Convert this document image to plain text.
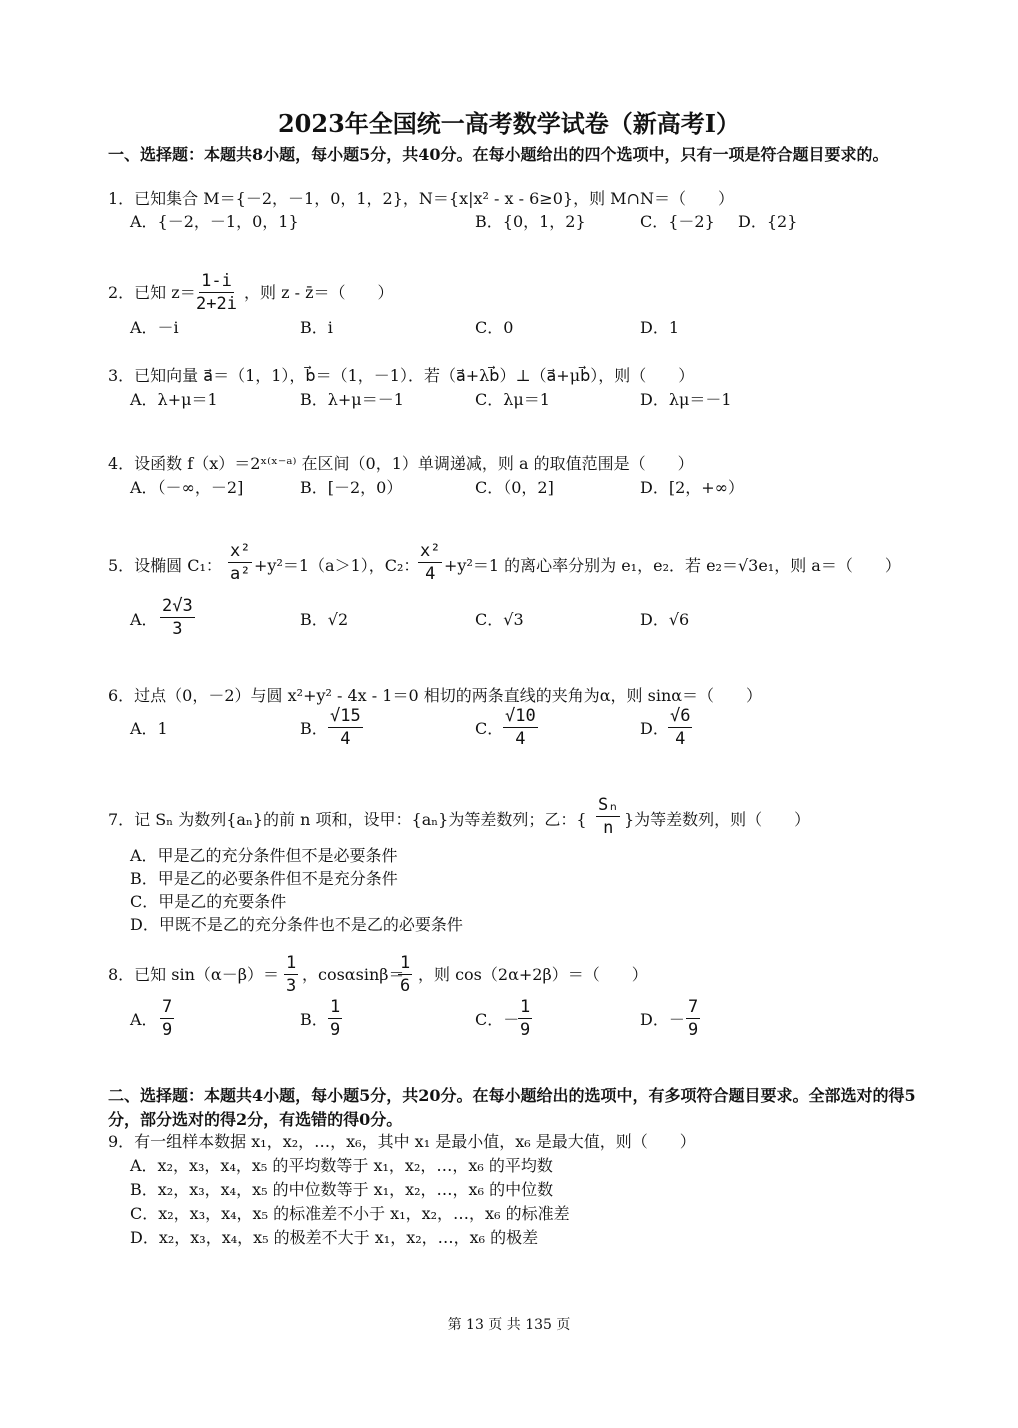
2023年全国统一高考数学试卷（新高考Ⅰ）
一、选择题：本题共8小题，每小题5分，共40分。在每小题给出的四个选项中，只有一项是符合题目要求的。
1．已知集合 M＝{－2，－1，0，1，2}，N＝{x|x² - x - 6≥0}，则 M∩N＝（　　）
A．{－2，－1，0，1}	B．{0，1，2}	C．{－2} D．{2}
2．已知 $z= \frac{1-i}{2+2i}$ ，则 z - z̄＝（　　）
A．－i	B．i	C．0	D．1
3．已知向量 a⃗＝（1，1），b⃗＝（1，－1）．若（a⃗+λb⃗）⊥（a⃗+μb⃗），则（　　）
A．λ+μ＝1	B．λ+μ＝－1	C．λμ＝1	D．λμ＝－1
4．设函数 f（x）＝2ˣ⁽ˣ⁻ᵃ⁾ 在区间（0，1）单调递减，则 a 的取值范围是（　　）
A．（－∞，－2]	B．[－2，0）	C．（0，2]	D．[2，+∞）
5．设椭圆 C₁： $\frac{\text{x²}}{\text{a²}} +y^2=1(a>1)$，C₂：
$\frac{\text{x²}}{4} +y^2=1$ 的离心率分别为 e₁，e₂．若 e₂＝√3e₁，则 a＝（　　）
A． $\frac{2√3}{3}$	B．√2	C．√3	D．√6
6．过点（0，－2）与圆 x²+y² - 4x - 1＝0 相切的两条直线的夹角为α，则 sinα＝（　　）
A．1	B． $\frac{√15}{4}$	C． $\frac{√10}{4}$	D． $\frac{√6}{4}$
7．记 Sₙ 为数列{aₙ}的前 n 项和，设甲：{aₙ}为等差数列；乙：{ $\frac{\text{Sₙ}}{n}$ }为等差数列，则（　　）
A．甲是乙的充分条件但不是必要条件
B．甲是乙的必要条件但不是充分条件
C．甲是乙的充要条件
D．甲既不是乙的充分条件也不是乙的必要条件
8．已知 $\sin(\alpha-\beta)= \frac{1}{3}$ ，cosαsinβ＝
$\frac{1}{6}$ ，则 cos（2α+2β）＝（　　）
A． $\frac{7}{9}$	B． $\frac{1}{9}$	C．－
$\frac{1}{9}$	D．－ $\frac{7}{9}$
二、选择题：本题共4小题，每小题5分，共20分。在每小题给出的选项中，有多项符合题目要求。全部选对的得5分，部分选对的得2分，有选错的得0分。
9．有一组样本数据 x₁，x₂，…，x₆，其中 x₁ 是最小值，x₆ 是最大值，则（　　）
A．x₂，x₃，x₄，x₅ 的平均数等于 x₁，x₂，…，x₆ 的平均数
B．x₂，x₃，x₄，x₅ 的中位数等于 x₁，x₂，…，x₆ 的中位数
C．x₂，x₃，x₄，x₅ 的标准差不小于 x₁，x₂，…，x₆ 的标准差
D．x₂，x₃，x₄，x₅ 的极差不大于 x₁，x₂，…，x₆ 的极差
第 13 页 共 135 页
